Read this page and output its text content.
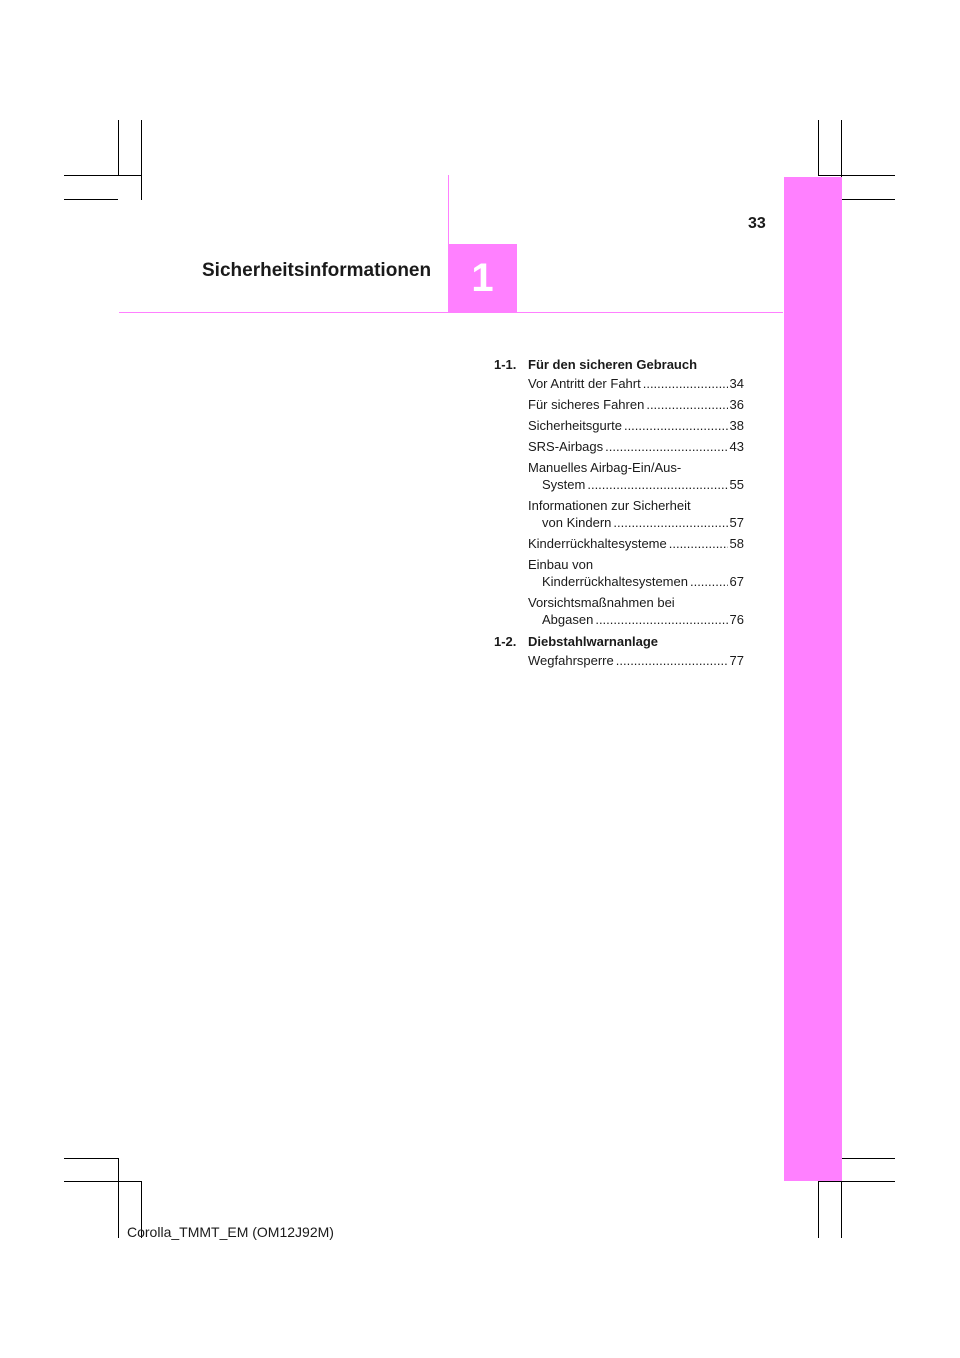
1
Sicherheitsinformationen
33
1-1. Für den sicheren Gebrauch
Vor Antritt der Fahrt .....	34
Für sicheres Fahren .....	36
Sicherheitsgurte .....	38
SRS-Airbags .....	43
Manuelles Airbag-Ein/Aus-
System .....	55
Informationen zur Sicherheit
von Kindern .....	57
Kinderrückhaltesysteme .....	58
Einbau von
Kinderrückhaltesystemen .....	67
Vorsichtsmaßnahmen bei
Abgasen .....	76
1-2. Diebstahlwarnanlage
Wegfahrsperre .....	77
Corolla_TMMT_EM (OM12J92M)
